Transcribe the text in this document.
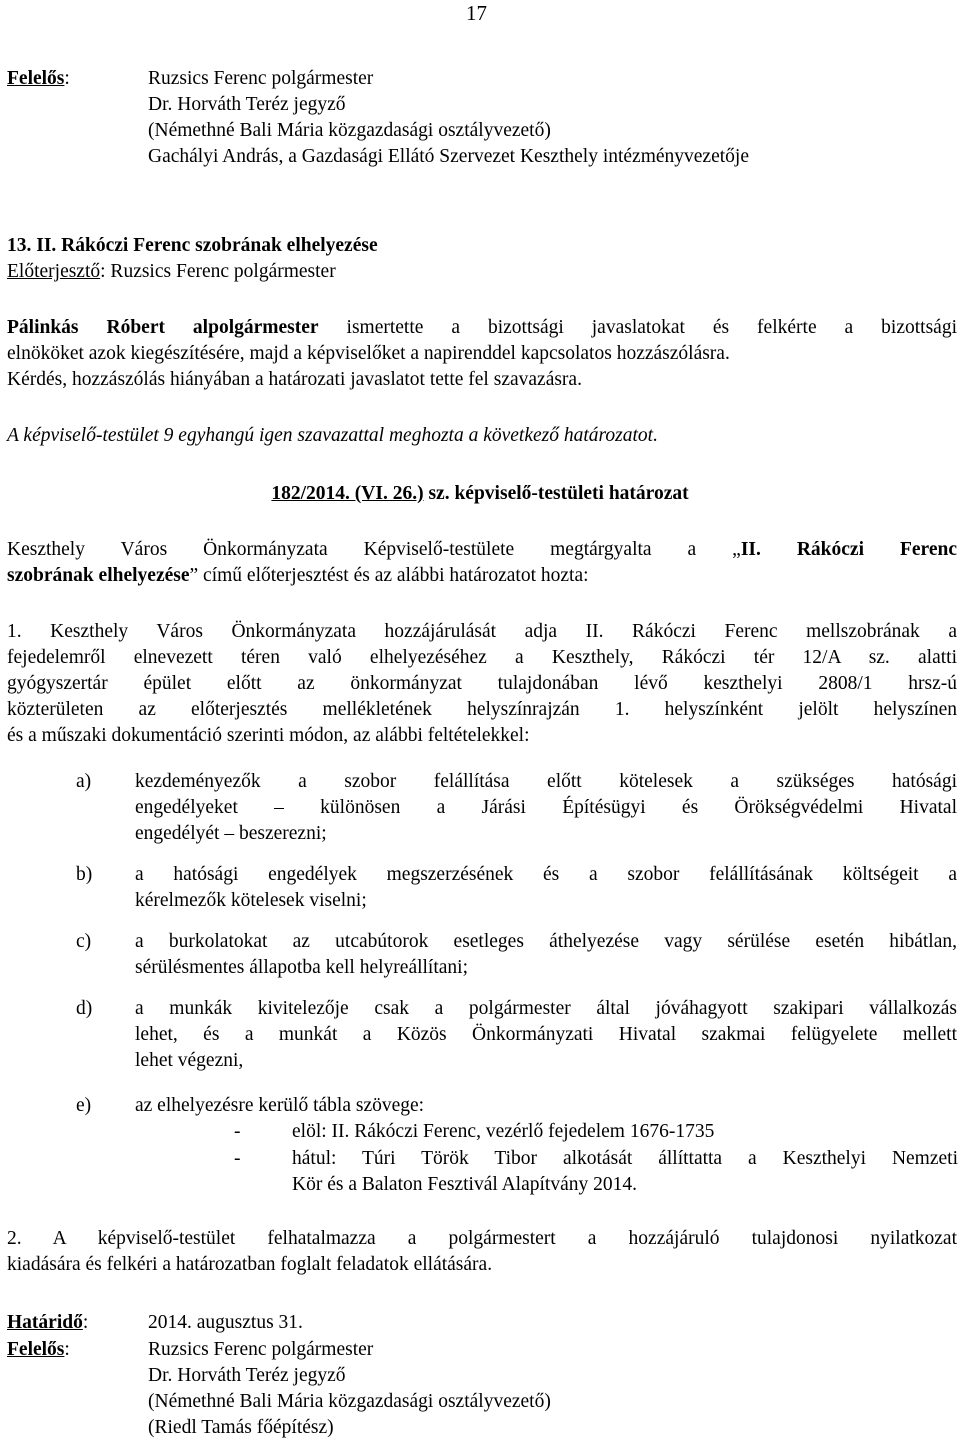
17
Felelős:	Ruzsics Ferenc polgármester
Dr. Horváth Teréz jegyző
(Némethné Bali Mária közgazdasági osztályvezető)
Gachályi András, a Gazdasági Ellátó Szervezet Keszthely intézményvezetője
13. II. Rákóczi Ferenc szobrának elhelyezése
Előterjesztő: Ruzsics Ferenc polgármester
Pálinkás Róbert alpolgármester ismertette a bizottsági javaslatokat és felkérte a bizottsági
elnököket azok kiegészítésére, majd a képviselőket a napirenddel kapcsolatos hozzászólásra.
Kérdés, hozzászólás hiányában a határozati javaslatot tette fel szavazásra.
A képviselő-testület 9 egyhangú igen szavazattal meghozta a következő határozatot.
182/2014. (VI. 26.) sz. képviselő-testületi határozat
Keszthely Város Önkormányzata Képviselő-testülete megtárgyalta a „II. Rákóczi Ferenc
szobrának elhelyezése” című előterjesztést és az alábbi határozatot hozta:
1. Keszthely Város Önkormányzata hozzájárulását adja II. Rákóczi Ferenc mellszobrának a
fejedelemről elnevezett téren való elhelyezéséhez a Keszthely, Rákóczi tér 12/A sz. alatti
gyógyszertár épület előtt az önkormányzat tulajdonában lévő keszthelyi 2808/1 hrsz-ú
közterületen az előterjesztés mellékletének helyszínrajzán 1. helyszínként jelölt helyszínen
és a műszaki dokumentáció szerinti módon, az alábbi feltételekkel:
a) kezdeményezők a szobor felállítása előtt kötelesek a szükséges hatósági
engedélyeket – különösen a Járási Építésügyi és Örökségvédelmi Hivatal
engedélyét – beszerezni;
b) a hatósági engedélyek megszerzésének és a szobor felállításának költségeit a
kérelmezők kötelesek viselni;
c) a burkolatokat az utcabútorok esetleges áthelyezése vagy sérülése esetén hibátlan,
sérülésmentes állapotba kell helyreállítani;
d) a munkák kivitelezője csak a polgármester által jóváhagyott szakipari vállalkozás
lehet, és a munkát a Közös Önkormányzati Hivatal szakmai felügyelete mellett
lehet végezni,
e) az elhelyezésre kerülő tábla szövege:
-	elöl: II. Rákóczi Ferenc, vezérlő fejedelem 1676-1735
-	hátul: Túri Török Tibor alkotását állíttatta a Keszthelyi Nemzeti
Kör és a Balaton Fesztivál Alapítvány 2014.
2. A képviselő-testület felhatalmazza a polgármestert a hozzájáruló tulajdonosi nyilatkozat
kiadására és felkéri a határozatban foglalt feladatok ellátására.
Határidő:	2014. augusztus 31.
Felelős:	Ruzsics Ferenc polgármester
Dr. Horváth Teréz jegyző
(Némethné Bali Mária közgazdasági osztályvezető)
(Riedl Tamás főépítész)
